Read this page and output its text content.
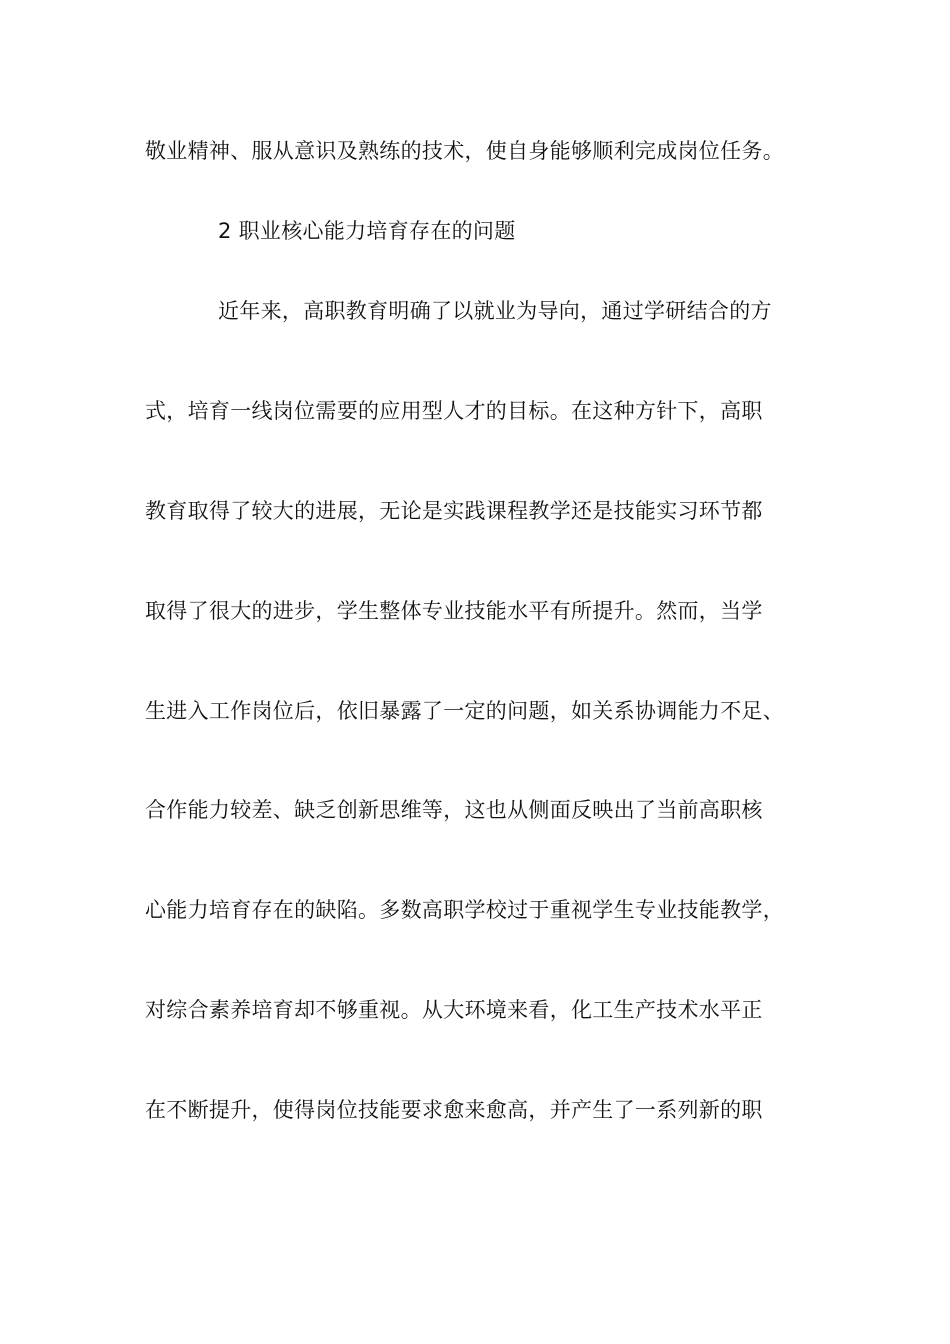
敬业精神、服从意识及熟练的技术，使自身能够顺利完成岗位任务。
2 职业核心能力培育存在的问题
近年来，高职教育明确了以就业为导向，通过学研结合的方
式，培育一线岗位需要的应用型人才的目标。在这种方针下，高职
教育取得了较大的进展，无论是实践课程教学还是技能实习环节都
取得了很大的进步，学生整体专业技能水平有所提升。然而，当学
生进入工作岗位后，依旧暴露了一定的问题，如关系协调能力不足、
合作能力较差、缺乏创新思维等，这也从侧面反映出了当前高职核
心能力培育存在的缺陷。多数高职学校过于重视学生专业技能教学，
对综合素养培育却不够重视。从大环境来看，化工生产技术水平正
在不断提升，使得岗位技能要求愈来愈高，并产生了一系列新的职
